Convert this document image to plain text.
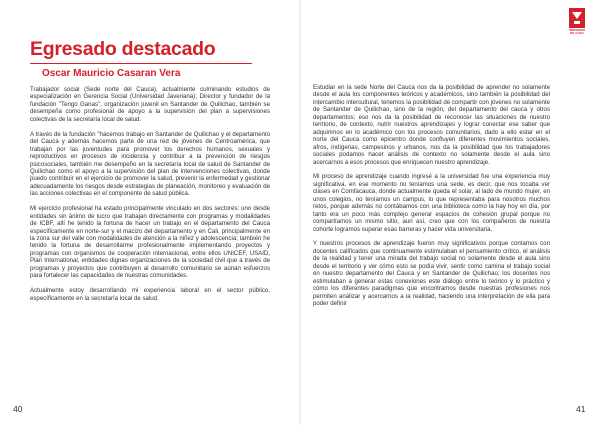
Egresado destacado
Oscar Mauricio Casaran Vera

Trabajador social (Sede norte del Cauca), actualmente culminando estudios de especialización en Gerencia Social (Universidad Javeriana); Director y fundador de la fundación "Tengo Ganas", organización juvenil en Santander de Quilichao, también se desempeña como profesional de apoyo a la supervisión del plan a supervisiones colectivas de la secretaría local de salud.

A través de la fundación "hacemos trabajo en Santander de Quilichao y el departamento del Cauca y además hacemos parte de una red de jóvenes de Centroamérica, que trabajan por las juventudes para promover los derechos humanos, sexuales y reproductivos en procesos de incidencia y contribuir a la prevención de riesgos psicosociales, también me desempeño en la secretaría local de salud de Santander de Quilichao como el apoyo a la supervisión del plan de intervenciones colectivas, donde puedo contribuir en el ejercicio de promover la salud, prevenir la enfermedad y gestionar adecuadamente los riesgos desde estrategias de planeación, monitoreo y evaluación de las acciones colectivas en el componente de salud pública.

Mi ejercicio profesional ha estado principalmente vinculado en dos sectores: uno desde entidades sin ánimo de lucro que trabajan directamente con programas y modalidades de ICBF, allí he tenido la fortuna de hacer un trabajo en el departamento del Cauca específicamente en norte-sur y el macizo del departamento y en Cali, principalmente en la zona sur del valle con modalidades de atención a la niñez y adolescencia; también he tenido la fortuna de desarrollarme profesionalmente implementando proyectos y programas con organismos de cooperación internacional, entre ellos UNICEF, USAID, Plan International, entidades dignas organizaciones de la sociedad civil que a través de programas y proyectos que contribuyen al desarrollo comunitario se aúnan esfuerzos para fortalecer las capacidades de nuestras comunidades.

Actualmente estoy desarrollando mi experiencia laboral en el sector público, específicamente en la secretaría local de salud.

40
UNIVERSIDAD DEL CAUCA

Estudiar en la sede Norte del Cauca nos da la posibilidad de aprender no solamente desde el aula los componentes teóricos y académicos, sino también la posibilidad del intercambio intercultural, tenemos la posibilidad de compartir con jóvenes no solamente de Santander de Quilichao, sino de la región, del departamento del cauca y otros departamentos; eso nos da la posibilidad de reconocer las situaciones de nuestro territorio, de contexto, nutrir nuestros aprendizajes y lograr conectar ese saber que adquirimos en lo académico con los procesos comunitarios, dado a ello estar en el norte del Cauca como epicentro donde confluyen diferentes movimientos sociales, afros, indígenas, campesinos y urbanos, nos da la posibilidad que los trabajadores sociales podamos hacer análisis de contexto no solamente desde el aula sino acercarnos a esos procesos que enriquecen nuestro aprendizaje.

Mi proceso de aprendizaje cuando ingresé a la universidad fue una experiencia muy significativa, en ese momento no teníamos una sede, es decir, que nos tocaba ver clases en Comfacauca, donde actualmente queda el solar, al lado de mundo mujer, en unos colegios, no teníamos un campus, lo que representaba para nosotros muchos retos, porque además no contábamos con una biblioteca como la hay hoy en día, por tanto era un poco más complejo generar espacios de cohesión grupal porque no compartíamos un mismo sitio, aun así, creo que con los compañeros de nuestra cohorte logramos superar esas barreras y hacer vida universitaria.

Y nuestros procesos de aprendizaje fueron muy significativos porque contamos con docentes calificados que continuamente estimulaban el pensamiento crítico, el análisis de la realidad y tener una mirada del trabajo social no solamente desde el aula sino desde el territorio y ver cómo esto se podía vivir, sentir como camina el trabajo social en nuestro departamento del Cauca y en Santander de Quilichao; los docentes nos estimulaban a generar estas conexiones este diálogo entre lo teórico y lo práctico y cómo los diferentes paradigmas que encontramos desde nuestras profesiones nos permiten analizar y acercarnos a la realidad, haciendo una interpretación de ella para poder definir

41
